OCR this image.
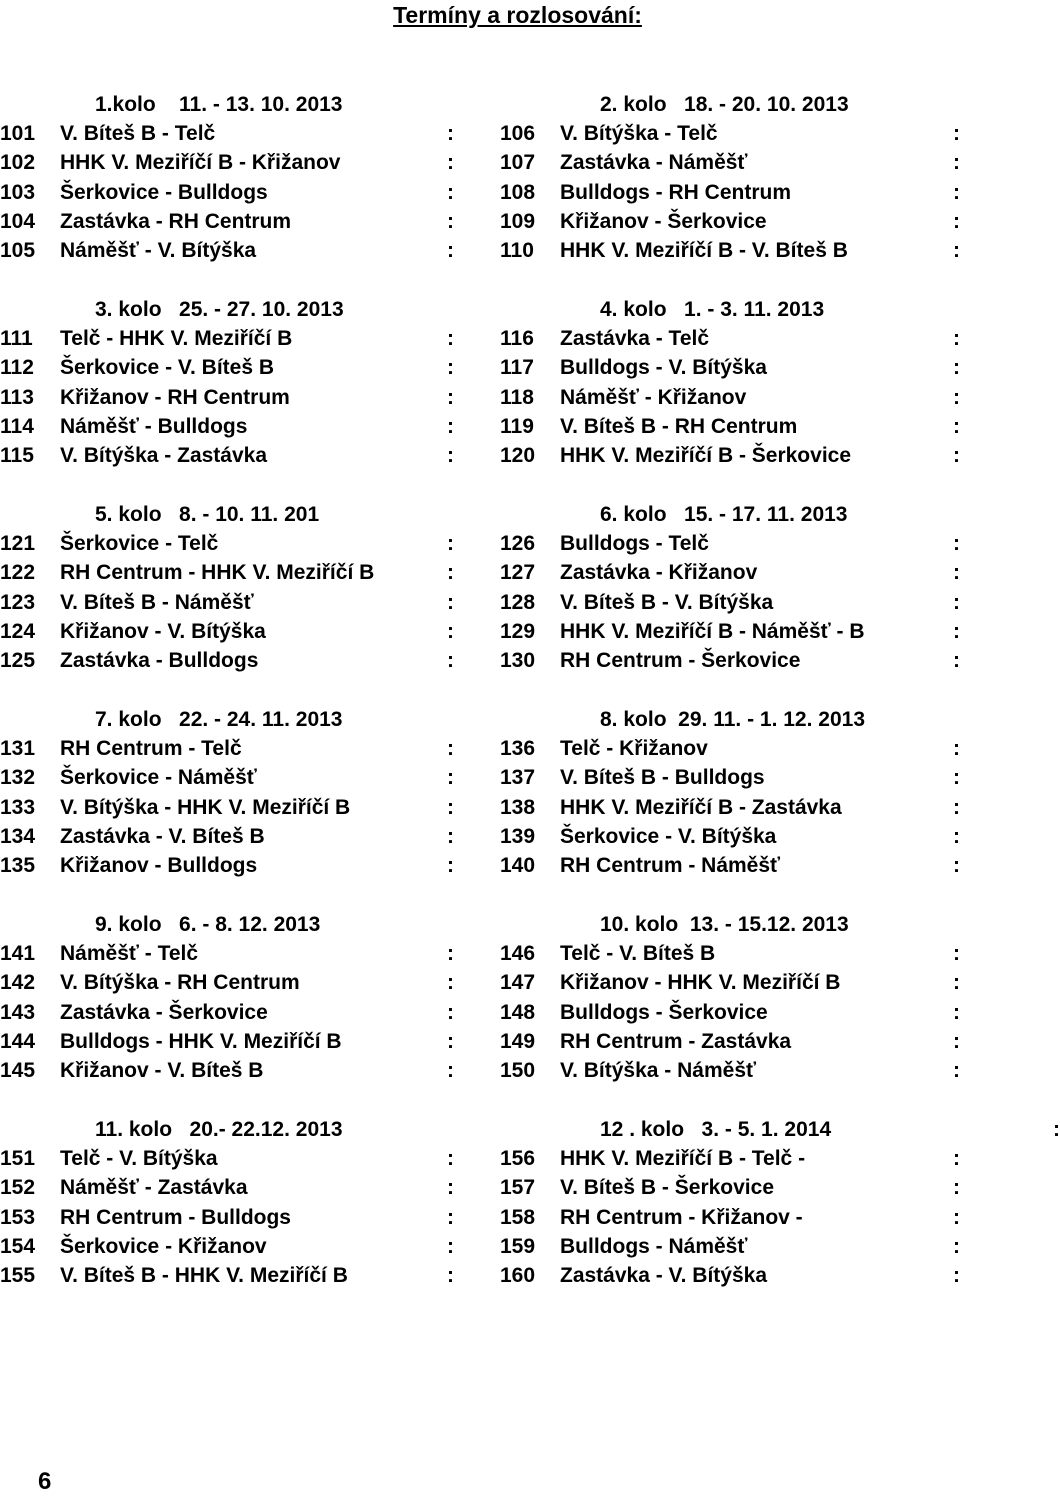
Termíny a rozlosování:
1.kolo    11. - 13. 10. 2013
101 V. Bíteš B - Telč	:
102 HHK V. Meziříčí B - Křižanov	:
103 Šerkovice - Bulldogs	:
104 Zastávka - RH Centrum	:
105 Náměšť - V. Bítýška	:
2. kolo   18. - 20. 10. 2013
106 V. Bítýška - Telč	:
107 Zastávka - Náměšť	:
108 Bulldogs - RH Centrum	:
109 Křižanov - Šerkovice	:
110 HHK V. Meziříčí B - V. Bíteš B	:
3. kolo   25. - 27. 10. 2013
111 Telč - HHK V. Meziříčí B	:
112 Šerkovice - V. Bíteš B	:
113 Křižanov - RH Centrum	:
114 Náměšť - Bulldogs	:
115 V. Bítýška - Zastávka	:
4. kolo   1. - 3. 11. 2013
116 Zastávka - Telč	:
117 Bulldogs - V. Bítýška	:
118 Náměšť - Křižanov	:
119 V. Bíteš B - RH Centrum	:
120 HHK V. Meziříčí B - Šerkovice	:
5. kolo   8. - 10. 11. 201
121 Šerkovice - Telč	:
122 RH Centrum - HHK V. Meziříčí B	:
123 V. Bíteš B - Náměšť	:
124 Křižanov - V. Bítýška	:
125 Zastávka - Bulldogs	:
6. kolo   15. - 17. 11. 2013
126 Bulldogs - Telč	:
127 Zastávka - Křižanov	:
128 V. Bíteš B - V. Bítýška	:
129 HHK V. Meziříčí B - Náměšť - B	:
130 RH Centrum - Šerkovice	:
7. kolo   22. - 24. 11. 2013
131 RH Centrum - Telč	:
132 Šerkovice - Náměšť	:
133 V. Bítýška - HHK V. Meziříčí B	:
134 Zastávka - V. Bíteš B	:
135 Křižanov - Bulldogs	:
8. kolo  29. 11. - 1. 12. 2013
136 Telč - Křižanov	:
137 V. Bíteš B - Bulldogs	:
138 HHK V. Meziříčí B - Zastávka	:
139 Šerkovice - V. Bítýška	:
140 RH Centrum - Náměšť	:
9. kolo   6. - 8. 12. 2013
141 Náměšť - Telč	:
142 V. Bítýška - RH Centrum	:
143 Zastávka - Šerkovice	:
144 Bulldogs - HHK V. Meziříčí B	:
145 Křižanov - V. Bíteš B	:
10. kolo  13. - 15.12. 2013
146 Telč - V. Bíteš B	:
147 Křižanov - HHK V. Meziříčí B	:
148 Bulldogs - Šerkovice	:
149 RH Centrum - Zastávka	:
150 V. Bítýška - Náměšť	:
11. kolo   20.- 22.12. 2013
151 Telč - V. Bítýška	:
152 Náměšť - Zastávka	:
153 RH Centrum - Bulldogs	:
154 Šerkovice - Křižanov	:
155 V. Bíteš B - HHK V. Meziříčí B	:
12 . kolo   3. - 5. 1. 2014	:
156 HHK V. Meziříčí B - Telč -	:
157 V. Bíteš B - Šerkovice	:
158 RH Centrum - Křižanov -	:
159 Bulldogs - Náměšť	:
160 Zastávka - V. Bítýška	:
6
